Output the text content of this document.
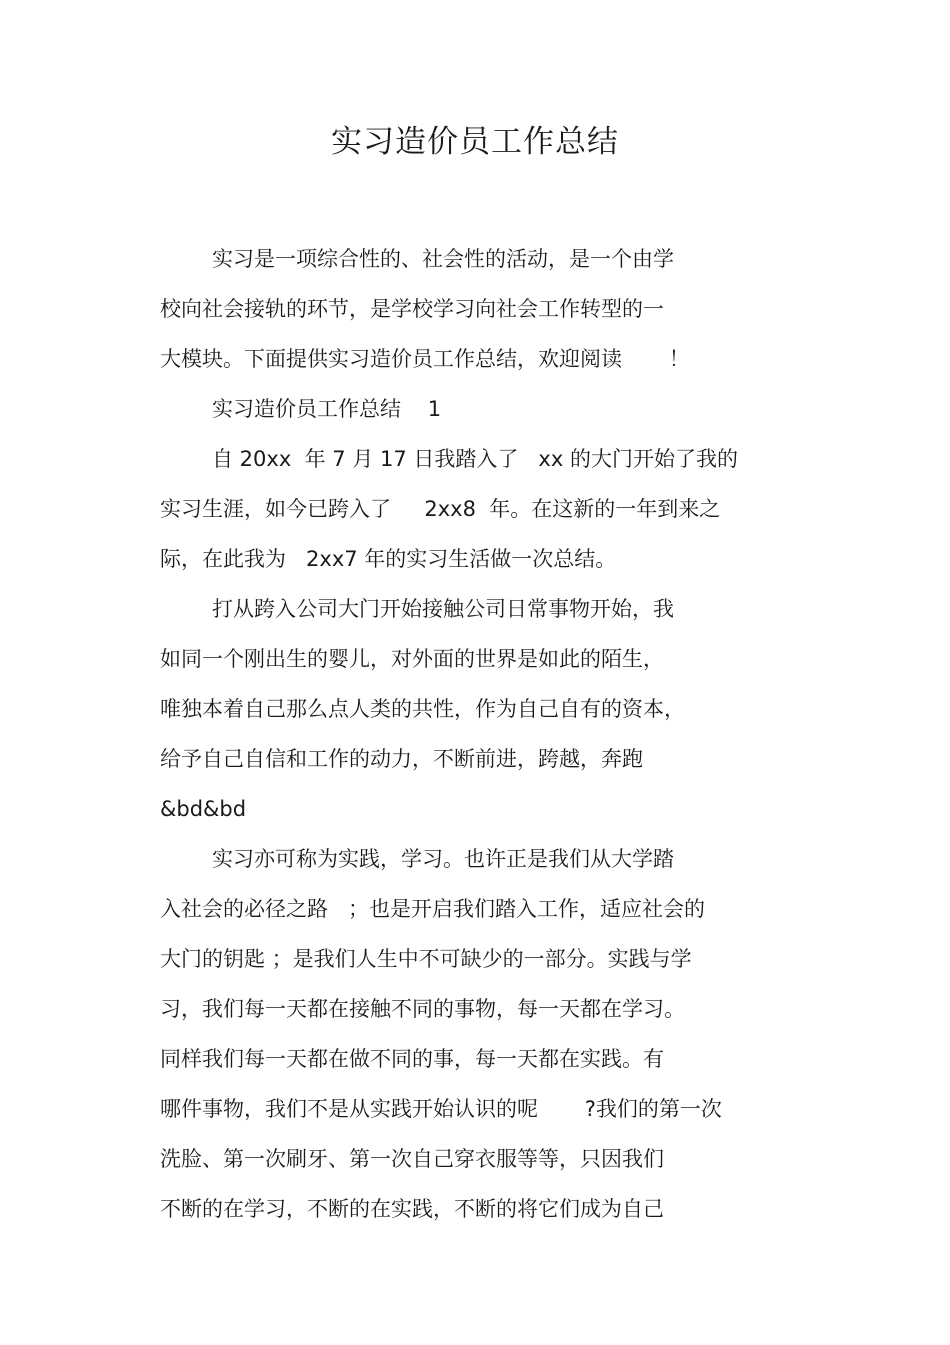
实习造价员工作总结
实习是一项综合性的、社会性的活动，是一个由学
校向社会接轨的环节，是学校学习向社会工作转型的一
大模块。下面提供实习造价员工作总结，欢迎阅读       ！
实习造价员工作总结    1
自 20xx  年 7 月 17 日我踏入了   xx 的大门开始了我的
实习生涯，如今已跨入了     2xx8  年。在这新的一年到来之
际，在此我为   2xx7 年的实习生活做一次总结。
打从跨入公司大门开始接触公司日常事物开始，我
如同一个刚出生的婴儿，对外面的世界是如此的陌生，
唯独本着自己那么点人类的共性，作为自己自有的资本，
给予自己自信和工作的动力，不断前进，跨越，奔跑
&bd&bd
实习亦可称为实践，学习。也许正是我们从大学踏
入社会的必径之路   ；也是开启我们踏入工作，适应社会的
大门的钥匙 ；是我们人生中不可缺少的一部分。实践与学
习，我们每一天都在接触不同的事物，每一天都在学习。
同样我们每一天都在做不同的事，每一天都在实践。有
哪件事物，我们不是从实践开始认识的呢       ?我们的第一次
洗脸、第一次刷牙、第一次自己穿衣服等等，只因我们
不断的在学习，不断的在实践，不断的将它们成为自己
